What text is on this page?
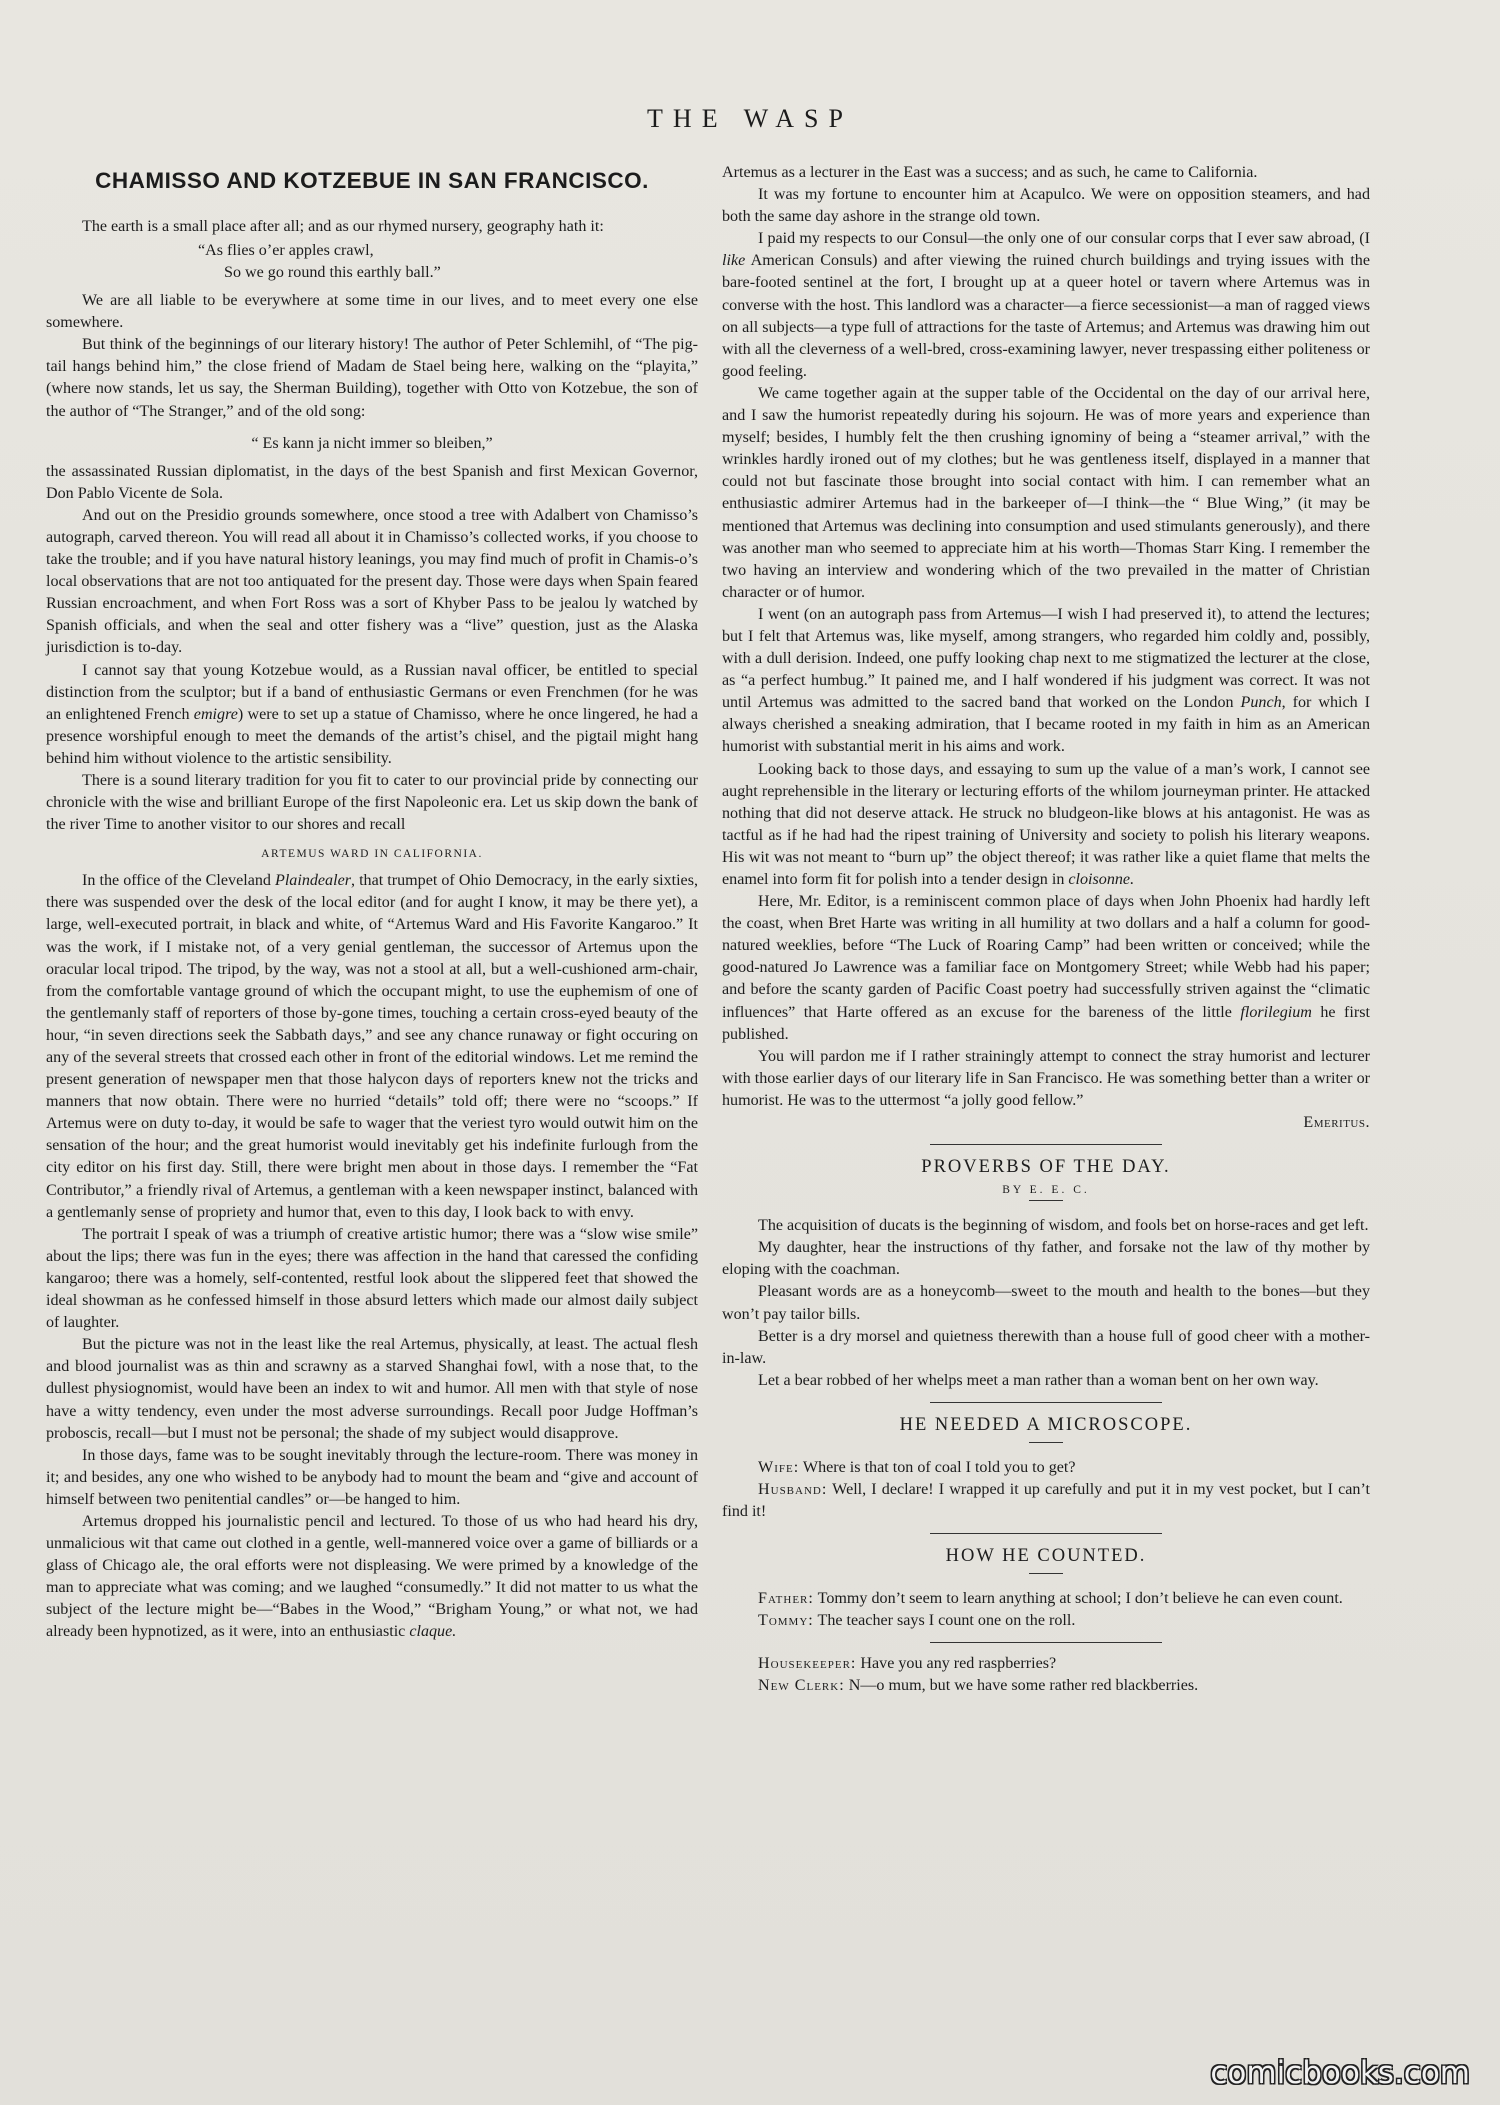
THE WASP
CHAMISSO AND KOTZEBUE IN SAN FRANCISCO.

The earth is a small place after all; and as our rhymed nursery, geography hath it:

“As flies o’er apples crawl,
So we go round this earthly ball.”

We are all liable to be everywhere at some time in our lives, and to meet every one else somewhere.

But think of the beginnings of our literary history! The author of Peter Schlemihl, of “The pig-tail hangs behind him,” the close friend of Madam de Stael being here, walking on the “playita,” (where now stands, let us say, the Sherman Building), together with Otto von Kotzebue, the son of the author of “The Stranger,” and of the old song:

“ Es kann ja nicht immer so bleiben,”

the assassinated Russian diplomatist, in the days of the best Spanish and first Mexican Governor, Don Pablo Vicente de Sola.

And out on the Presidio grounds somewhere, once stood a tree with Adalbert von Chamisso’s autograph, carved thereon. You will read all about it in Chamisso’s collected works, if you choose to take the trouble; and if you have natural history leanings, you may find much of profit in Chamis-o’s local observations that are not too antiquated for the present day. Those were days when Spain feared Russian encroachment, and when Fort Ross was a sort of Khyber Pass to be jealou ly watched by Spanish officials, and when the seal and otter fishery was a “live” question, just as the Alaska jurisdiction is to-day.

I cannot say that young Kotzebue would, as a Russian naval officer, be entitled to special distinction from the sculptor; but if a band of enthusiastic Germans or even Frenchmen (for he was an enlightened French emigre) were to set up a statue of Chamisso, where he once lingered, he had a presence worshipful enough to meet the demands of the artist’s chisel, and the pigtail might hang behind him without violence to the artistic sensibility.

There is a sound literary tradition for you fit to cater to our provincial pride by connecting our chronicle with the wise and brilliant Europe of the first Napoleonic era. Let us skip down the bank of the river Time to another visitor to our shores and recall

ARTEMUS WARD IN CALIFORNIA.

In the office of the Cleveland Plaindealer, that trumpet of Ohio Democracy, in the early sixties, there was suspended over the desk of the local editor (and for aught I know, it may be there yet), a large, well-executed portrait, in black and white, of “Artemus Ward and His Favorite Kangaroo.” It was the work, if I mistake not, of a very genial gentleman, the successor of Artemus upon the oracular local tripod. The tripod, by the way, was not a stool at all, but a well-cushioned arm-chair, from the comfortable vantage ground of which the occupant might, to use the euphemism of one of the gentlemanly staff of reporters of those by-gone times, touching a certain cross-eyed beauty of the hour, “in seven directions seek the Sabbath days,” and see any chance runaway or fight occuring on any of the several streets that crossed each other in front of the editorial windows. Let me remind the present generation of newspaper men that those halycon days of reporters knew not the tricks and manners that now obtain. There were no hurried “details” told off; there were no “scoops.” If Artemus were on duty to-day, it would be safe to wager that the veriest tyro would outwit him on the sensation of the hour; and the great humorist would inevitably get his indefinite furlough from the city editor on his first day. Still, there were bright men about in those days. I remember the “Fat Contributor,” a friendly rival of Artemus, a gentleman with a keen newspaper instinct, balanced with a gentlemanly sense of propriety and humor that, even to this day, I look back to with envy.

The portrait I speak of was a triumph of creative artistic humor; there was a “slow wise smile” about the lips; there was fun in the eyes; there was affection in the hand that caressed the confiding kangaroo; there was a homely, self-contented, restful look about the slippered feet that showed the ideal showman as he confessed himself in those absurd letters which made our almost daily subject of laughter.

But the picture was not in the least like the real Artemus, physically, at least. The actual flesh and blood journalist was as thin and scrawny as a starved Shanghai fowl, with a nose that, to the dullest physiognomist, would have been an index to wit and humor. All men with that style of nose have a witty tendency, even under the most adverse surroundings. Recall poor Judge Hoffman’s proboscis, recall—but I must not be personal; the shade of my subject would disapprove.

In those days, fame was to be sought inevitably through the lecture-room. There was money in it; and besides, any one who wished to be anybody had to mount the beam and “give and account of himself between two penitential candles” or—be hanged to him.

Artemus dropped his journalistic pencil and lectured. To those of us who had heard his dry, unmalicious wit that came out clothed in a gentle, well-mannered voice over a game of billiards or a glass of Chicago ale, the oral efforts were not displeasing. We were primed by a knowledge of the man to appreciate what was coming; and we laughed “consumedly.” It did not matter to us what the subject of the lecture might be—“Babes in the Wood,” “Brigham Young,” or what not, we had already been hypnotized, as it were, into an enthusiastic claque.

Artemus as a lecturer in the East was a success; and as such, he came to California.

It was my fortune to encounter him at Acapulco. We were on opposition steamers, and had both the same day ashore in the strange old town.

I paid my respects to our Consul—the only one of our consular corps that I ever saw abroad, (I like American Consuls) and after viewing the ruined church buildings and trying issues with the bare-footed sentinel at the fort, I brought up at a queer hotel or tavern where Artemus was in converse with the host. This landlord was a character—a fierce secessionist—a man of ragged views on all subjects—a type full of attractions for the taste of Artemus; and Artemus was drawing him out with all the cleverness of a well-bred, cross-examining lawyer, never trespassing either politeness or good feeling.

We came together again at the supper table of the Occidental on the day of our arrival here, and I saw the humorist repeatedly during his sojourn. He was of more years and experience than myself; besides, I humbly felt the then crushing ignominy of being a “steamer arrival,” with the wrinkles hardly ironed out of my clothes; but he was gentleness itself, displayed in a manner that could not but fascinate those brought into social contact with him. I can remember what an enthusiastic admirer Artemus had in the barkeeper of—I think—the “ Blue Wing,” (it may be mentioned that Artemus was declining into consumption and used stimulants generously), and there was another man who seemed to appreciate him at his worth—Thomas Starr King. I remember the two having an interview and wondering which of the two prevailed in the matter of Christian character or of humor.

I went (on an autograph pass from Artemus—I wish I had preserved it), to attend the lectures; but I felt that Artemus was, like myself, among strangers, who regarded him coldly and, possibly, with a dull derision. Indeed, one puffy looking chap next to me stigmatized the lecturer at the close, as “a perfect humbug.” It pained me, and I half wondered if his judgment was correct. It was not until Artemus was admitted to the sacred band that worked on the London Punch, for which I always cherished a sneaking admiration, that I became rooted in my faith in him as an American humorist with substantial merit in his aims and work.

Looking back to those days, and essaying to sum up the value of a man’s work, I cannot see aught reprehensible in the literary or lecturing efforts of the whilom journeyman printer. He attacked nothing that did not deserve attack. He struck no bludgeon-like blows at his antagonist. He was as tactful as if he had had the ripest training of University and society to polish his literary weapons. His wit was not meant to “burn up” the object thereof; it was rather like a quiet flame that melts the enamel into form fit for polish into a tender design in cloisonne.

Here, Mr. Editor, is a reminiscent common place of days when John Phoenix had hardly left the coast, when Bret Harte was writing in all humility at two dollars and a half a column for good-natured weeklies, before “The Luck of Roaring Camp” had been written or conceived; while the good-natured Jo Lawrence was a familiar face on Montgomery Street; while Webb had his paper; and before the scanty garden of Pacific Coast poetry had successfully striven against the “climatic influences” that Harte offered as an excuse for the bareness of the little florilegium he first published.

You will pardon me if I rather strainingly attempt to connect the stray humorist and lecturer with those earlier days of our literary life in San Francisco. He was something better than a writer or humorist. He was to the uttermost “a jolly good fellow.”

Emeritus.
PROVERBS OF THE DAY.
BY E. E. C.

The acquisition of ducats is the beginning of wisdom, and fools bet on horse-races and get left.

My daughter, hear the instructions of thy father, and forsake not the law of thy mother by eloping with the coachman.

Pleasant words are as a honeycomb—sweet to the mouth and health to the bones—but they won’t pay tailor bills.

Better is a dry morsel and quietness therewith than a house full of good cheer with a mother-in-law.

Let a bear robbed of her whelps meet a man rather than a woman bent on her own way.

HE NEEDED A MICROSCOPE.

Wife: Where is that ton of coal I told you to get?

Husband: Well, I declare! I wrapped it up carefully and put it in my vest pocket, but I can’t find it!

HOW HE COUNTED.

Father: Tommy don’t seem to learn anything at school; I don’t believe he can even count.

Tommy: The teacher says I count one on the roll.

Housekeeper: Have you any red raspberries?

New Clerk: N—o mum, but we have some rather red blackberries.

comicbooks.com
